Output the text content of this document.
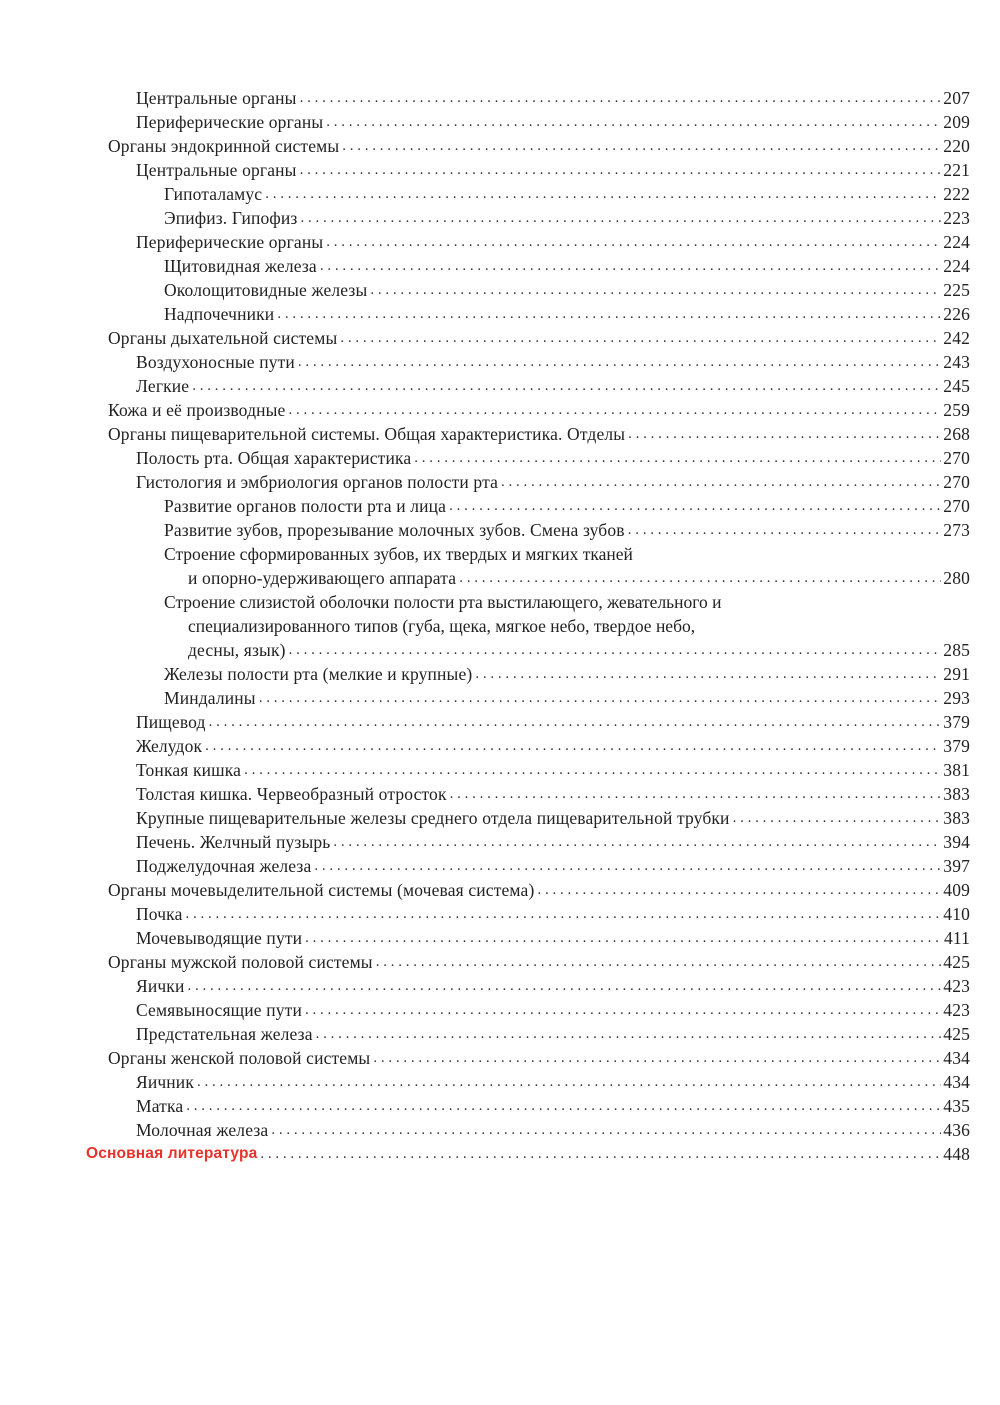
Центральные органы . . .	207
Периферические органы . . .	209
Органы эндокринной системы . . .	220
Центральные органы . . .	221
Гипоталамус . . .	222
Эпифиз. Гипофиз . . .	223
Периферические органы . . .	224
Щитовидная железа . . .	224
Околощитовидные железы . . .	225
Надпочечники . . .	226
Органы дыхательной системы . . .	242
Воздухоносные пути . . .	243
Легкие . . .	245
Кожа и её производные . . .	259
Органы пищеварительной системы. Общая характеристика. Отделы . . .	268
Полость рта. Общая характеристика . . .	270
Гистология и эмбриология органов полости рта . . .	270
Развитие органов полости рта и лица . . .	270
Развитие зубов, прорезывание молочных зубов. Смена зубов . . .	273
Строение сформированных зубов, их твердых и мягких тканей
и опорно-удерживающего аппарата . . .	280
Строение слизистой оболочки полости рта выстилающего, жевательного и
специализированного типов (губа, щека, мягкое небо, твердое небо,
десны, язык) . . .	285
Железы полости рта (мелкие и крупные) . . .	291
Миндалины . . .	293
Пищевод . . .	379
Желудок . . .	379
Тонкая кишка . . .	381
Толстая кишка. Червеобразный отросток . . .	383
Крупные пищеварительные железы среднего отдела пищеварительной трубки . . .	383
Печень. Желчный пузырь . . .	394
Поджелудочная железа . . .	397
Органы мочевыделительной системы (мочевая система) . . .	409
Почка . . .	410
Мочевыводящие пути . . .	411
Органы мужской половой системы . . .	425
Яички . . .	423
Семявыносящие пути . . .	423
Предстательная железа . . .	425
Органы женской половой системы . . .	434
Яичник . . .	434
Матка . . .	435
Молочная железа . . .	436
Основная литература . . .	448
